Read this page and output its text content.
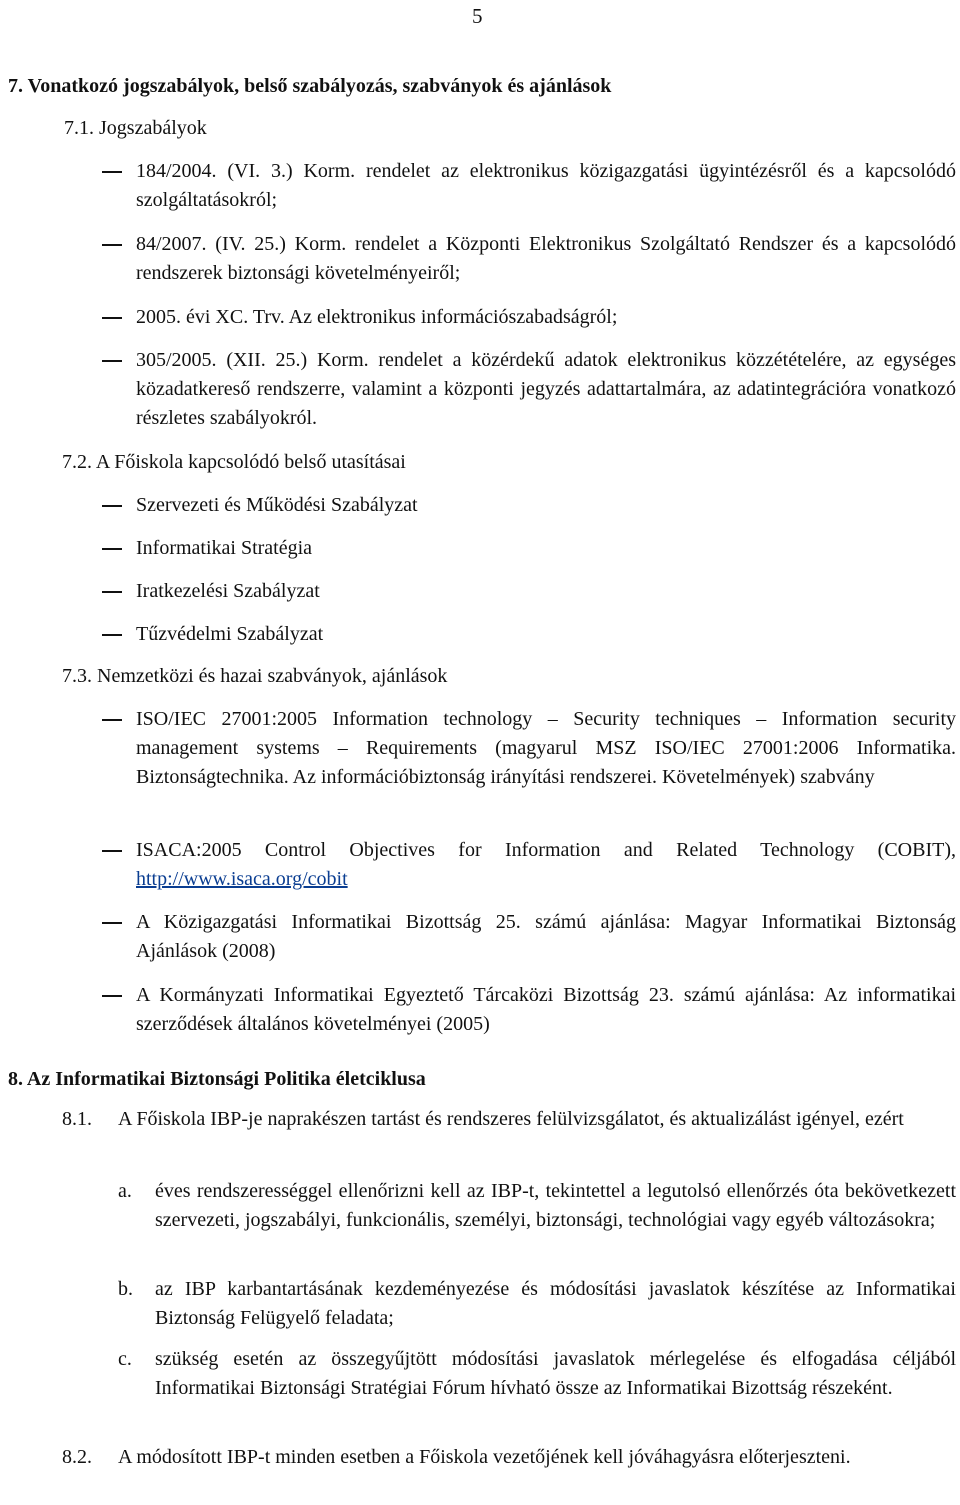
5
7. Vonatkozó jogszabályok, belső szabályozás, szabványok és ajánlások
7.1. Jogszabályok
184/2004. (VI. 3.) Korm. rendelet az elektronikus közigazgatási ügyintézésről és a kapcsolódó szolgáltatásokról;
84/2007. (IV. 25.) Korm. rendelet a Központi Elektronikus Szolgáltató Rendszer és a kapcsolódó rendszerek biztonsági követelményeiről;
2005. évi XC. Trv. Az elektronikus információszabadságról;
305/2005. (XII. 25.) Korm. rendelet a közérdekű adatok elektronikus közzétételére, az egységes közadatkereső rendszerre, valamint a központi jegyzés adattartalmára, az adatintegrációra vonatkozó részletes szabályokról.
7.2. A Főiskola kapcsolódó belső utasításai
Szervezeti és Működési Szabályzat
Informatikai Stratégia
Iratkezelési Szabályzat
Tűzvédelmi Szabályzat
7.3. Nemzetközi és hazai szabványok, ajánlások
ISO/IEC 27001:2005 Information technology – Security techniques – Information security management systems – Requirements (magyarul MSZ ISO/IEC 27001:2006 Informatika. Biztonságtechnika. Az információbiztonság irányítási rendszerei. Követelmények) szabvány
ISACA:2005 Control Objectives for Information and Related Technology (COBIT), http://www.isaca.org/cobit
A Közigazgatási Informatikai Bizottság 25. számú ajánlása: Magyar Informatikai Biztonság Ajánlások (2008)
A Kormányzati Informatikai Egyeztető Tárcaközi Bizottság 23. számú ajánlása: Az informatikai szerződések általános követelményei (2005)
8. Az Informatikai Biztonsági Politika életciklusa
8.1. A Főiskola IBP-je naprakészen tartást és rendszeres felülvizsgálatot, és aktualizálást igényel, ezért
a. éves rendszerességgel ellenőrizni kell az IBP-t, tekintettel a legutolsó ellenőrzés óta bekövetkezett szervezeti, jogszabályi, funkcionális, személyi, biztonsági, technológiai vagy egyéb változásokra;
b. az IBP karbantartásának kezdeményezése és módosítási javaslatok készítése az Informatikai Biztonság Felügyelő feladata;
c. szükség esetén az összegyűjtött módosítási javaslatok mérlegelése és elfogadása céljából Informatikai Biztonsági Stratégiai Fórum hívható össze az Informatikai Bizottság részeként.
8.2. A módosított IBP-t minden esetben a Főiskola vezetőjének kell jóváhagyásra előterjeszteni.
